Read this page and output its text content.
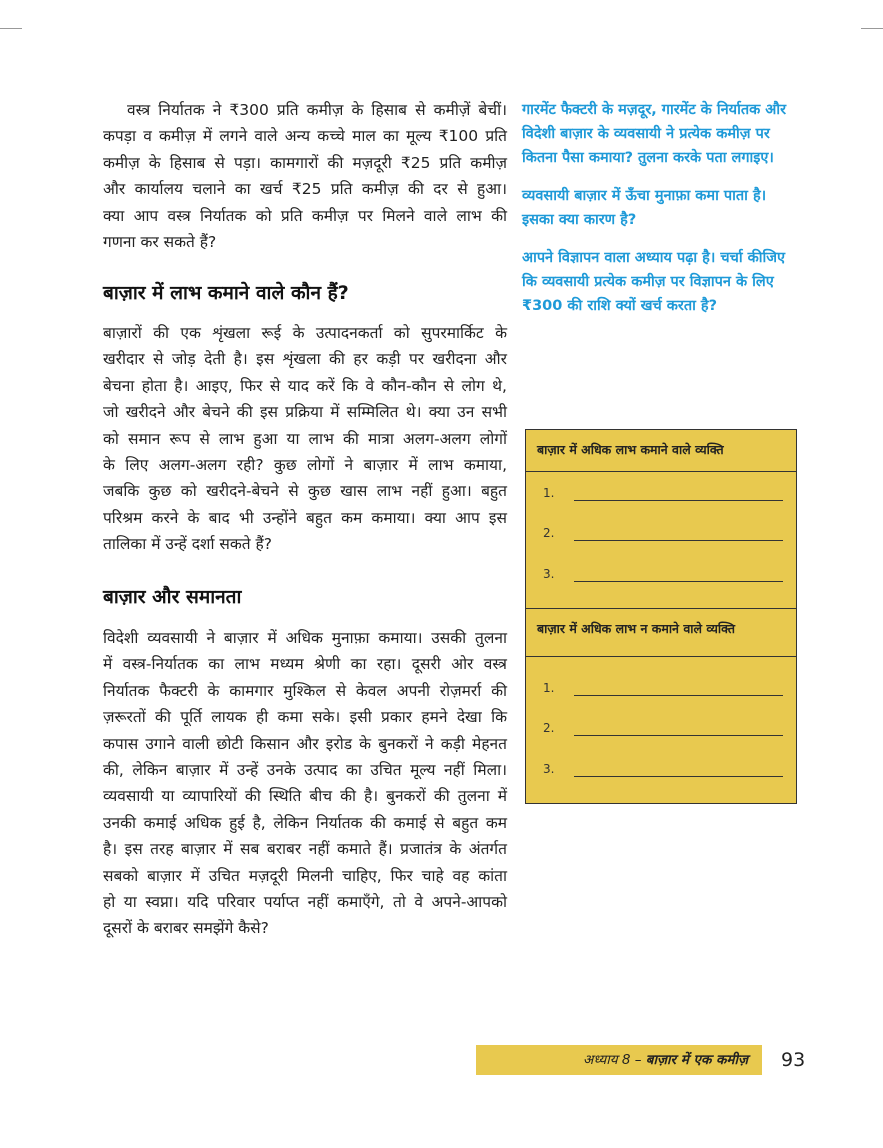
वस्त्र निर्यातक ने ₹300 प्रति कमीज़ के हिसाब से कमीज़ें बेचीं।
कपड़ा व कमीज़ में लगने वाले अन्य कच्चे माल का मूल्य ₹100 प्रति
कमीज़ के हिसाब से पड़ा। कामगारों की मज़दूरी ₹25 प्रति कमीज़
और कार्यालय चलाने का खर्च ₹25 प्रति कमीज़ की दर से हुआ।
क्या आप वस्त्र निर्यातक को प्रति कमीज़ पर मिलने वाले लाभ की
गणना कर सकते हैं?
बाज़ार में लाभ कमाने वाले कौन हैं?
बाज़ारों की एक शृंखला रूई के उत्पादनकर्ता को सुपरमार्किट के
खरीदार से जोड़ देती है। इस शृंखला की हर कड़ी पर खरीदना और
बेचना होता है। आइए, फिर से याद करें कि वे कौन-कौन से लोग थे,
जो खरीदने और बेचने की इस प्रक्रिया में सम्मिलित थे। क्या उन सभी
को समान रूप से लाभ हुआ या लाभ की मात्रा अलग-अलग लोगों
के लिए अलग-अलग रही? कुछ लोगों ने बाज़ार में लाभ कमाया,
जबकि कुछ को खरीदने-बेचने से कुछ खास लाभ नहीं हुआ। बहुत
परिश्रम करने के बाद भी उन्होंने बहुत कम कमाया। क्या आप इस
तालिका में उन्हें दर्शा सकते हैं?
बाज़ार और समानता
विदेशी व्यवसायी ने बाज़ार में अधिक मुनाफ़ा कमाया। उसकी तुलना
में वस्त्र-निर्यातक का लाभ मध्यम श्रेणी का रहा। दूसरी ओर वस्त्र
निर्यातक फैक्टरी के कामगार मुश्किल से केवल अपनी रोज़मर्रा की
ज़रूरतों की पूर्ति लायक ही कमा सके। इसी प्रकार हमने देखा कि
कपास उगाने वाली छोटी किसान और इरोड के बुनकरों ने कड़ी मेहनत
की, लेकिन बाज़ार में उन्हें उनके उत्पाद का उचित मूल्य नहीं मिला।
व्यवसायी या व्यापारियों की स्थिति बीच की है। बुनकरों की तुलना में
उनकी कमाई अधिक हुई है, लेकिन निर्यातक की कमाई से बहुत कम
है। इस तरह बाज़ार में सब बराबर नहीं कमाते हैं। प्रजातंत्र के अंतर्गत
सबको बाज़ार में उचित मज़दूरी मिलनी चाहिए, फिर चाहे वह कांता
हो या स्वप्ना। यदि परिवार पर्याप्त नहीं कमाएँगे, तो वे अपने-आपको
दूसरों के बराबर समझेंगे कैसे?

गारमेंट फैक्टरी के मज़दूर, गारमेंट के निर्यातक और विदेशी बाज़ार के व्यवसायी ने प्रत्येक कमीज़ पर कितना पैसा कमाया? तुलना करके पता लगाइए।

व्यवसायी बाज़ार में ऊँचा मुनाफ़ा कमा पाता है। इसका क्या कारण है?

आपने विज्ञापन वाला अध्याय पढ़ा है। चर्चा कीजिए कि व्यवसायी प्रत्येक कमीज़ पर विज्ञापन के लिए ₹300 की राशि क्यों खर्च करता है?

बाज़ार में अधिक लाभ कमाने वाले व्यक्ति
1.
2.
3.
बाज़ार में अधिक लाभ न कमाने वाले व्यक्ति
1.
2.
3.
अध्याय 8 – बाज़ार में एक कमीज़	93
